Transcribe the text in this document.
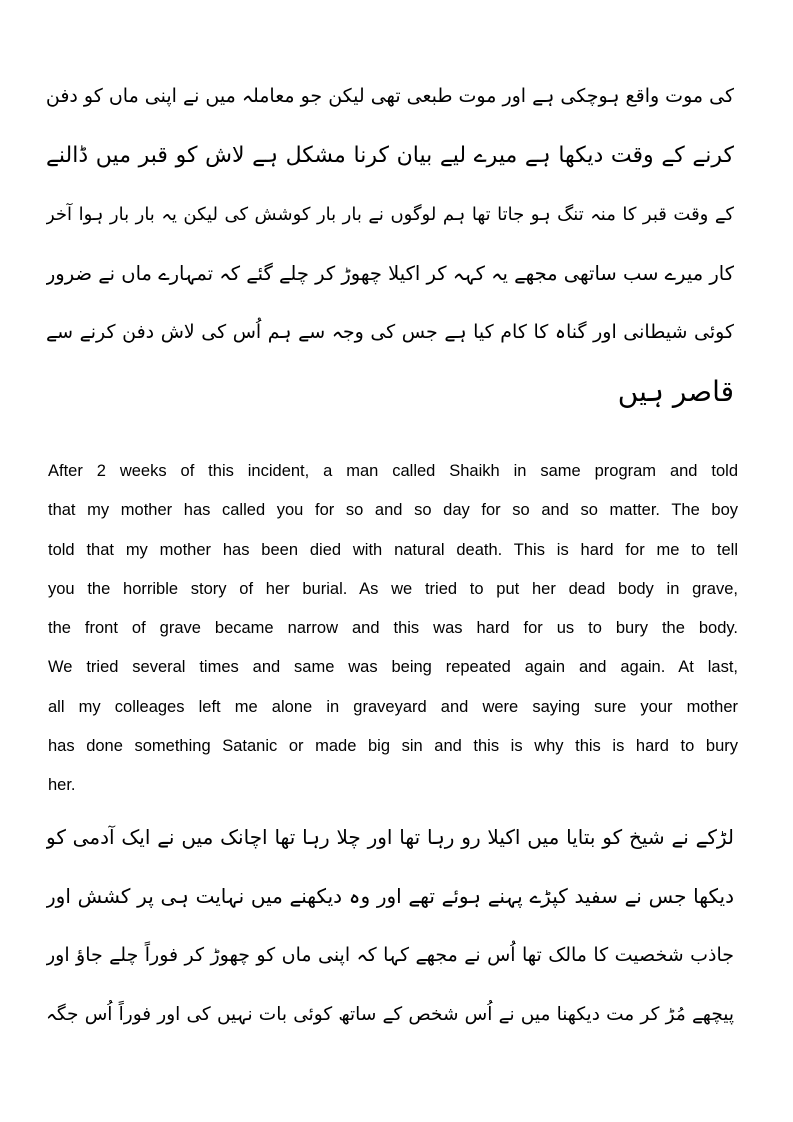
کی موت واقع ہوچکی ہے اور موت طبعی تھی لیکن جو معاملہ میں نے اپنی ماں کو دفن
کرنے کے وقت دیکھا ہے میرے لیے بیان کرنا مشکل ہے لاش کو قبر میں ڈالنے
کے وقت قبر کا منہ تنگ ہو جاتا تھا ہم لوگوں نے بار بار کوشش کی لیکن یہ بار بار ہوا آخر
کار میرے سب ساتھی مجھے یہ کہہ کر اکیلا چھوڑ کر چلے گئے کہ تمہارے ماں نے ضرور
کوئی شیطانی اور گناہ کا کام کیا ہے جس کی وجہ سے ہم اُس کی لاش دفن کرنے سے
قاصر ہیں
After 2 weeks of this incident, a man called Shaikh in same program and told
that my mother has called you for so and so day for so and so matter. The boy
told that my mother has been died with natural death. This is hard for me to tell
you the horrible story of her burial. As we tried to put her dead body in grave,
the front of grave became narrow and this was hard for us to bury the body.
We tried several times and same was being repeated again and again. At last,
all my colleages left me alone in graveyard and were saying sure your mother
has done something Satanic or made big sin and this is why this is hard to bury
her.
لڑکے نے شیخ کو بتایا میں اکیلا رو رہا تھا اور چلا رہا تھا اچانک میں نے ایک آدمی کو
دیکھا جس نے سفید کپڑے پہنے ہوئے تھے اور وہ دیکھنے میں نہایت ہی پر کشش اور
جاذب شخصیت کا مالک تھا اُس نے مجھے کہا کہ اپنی ماں کو چھوڑ کر فوراً چلے جاؤ اور
پیچھے مُڑ کر مت دیکھنا میں نے اُس شخص کے ساتھ کوئی بات نہیں کی اور فوراً اُس جگہ
